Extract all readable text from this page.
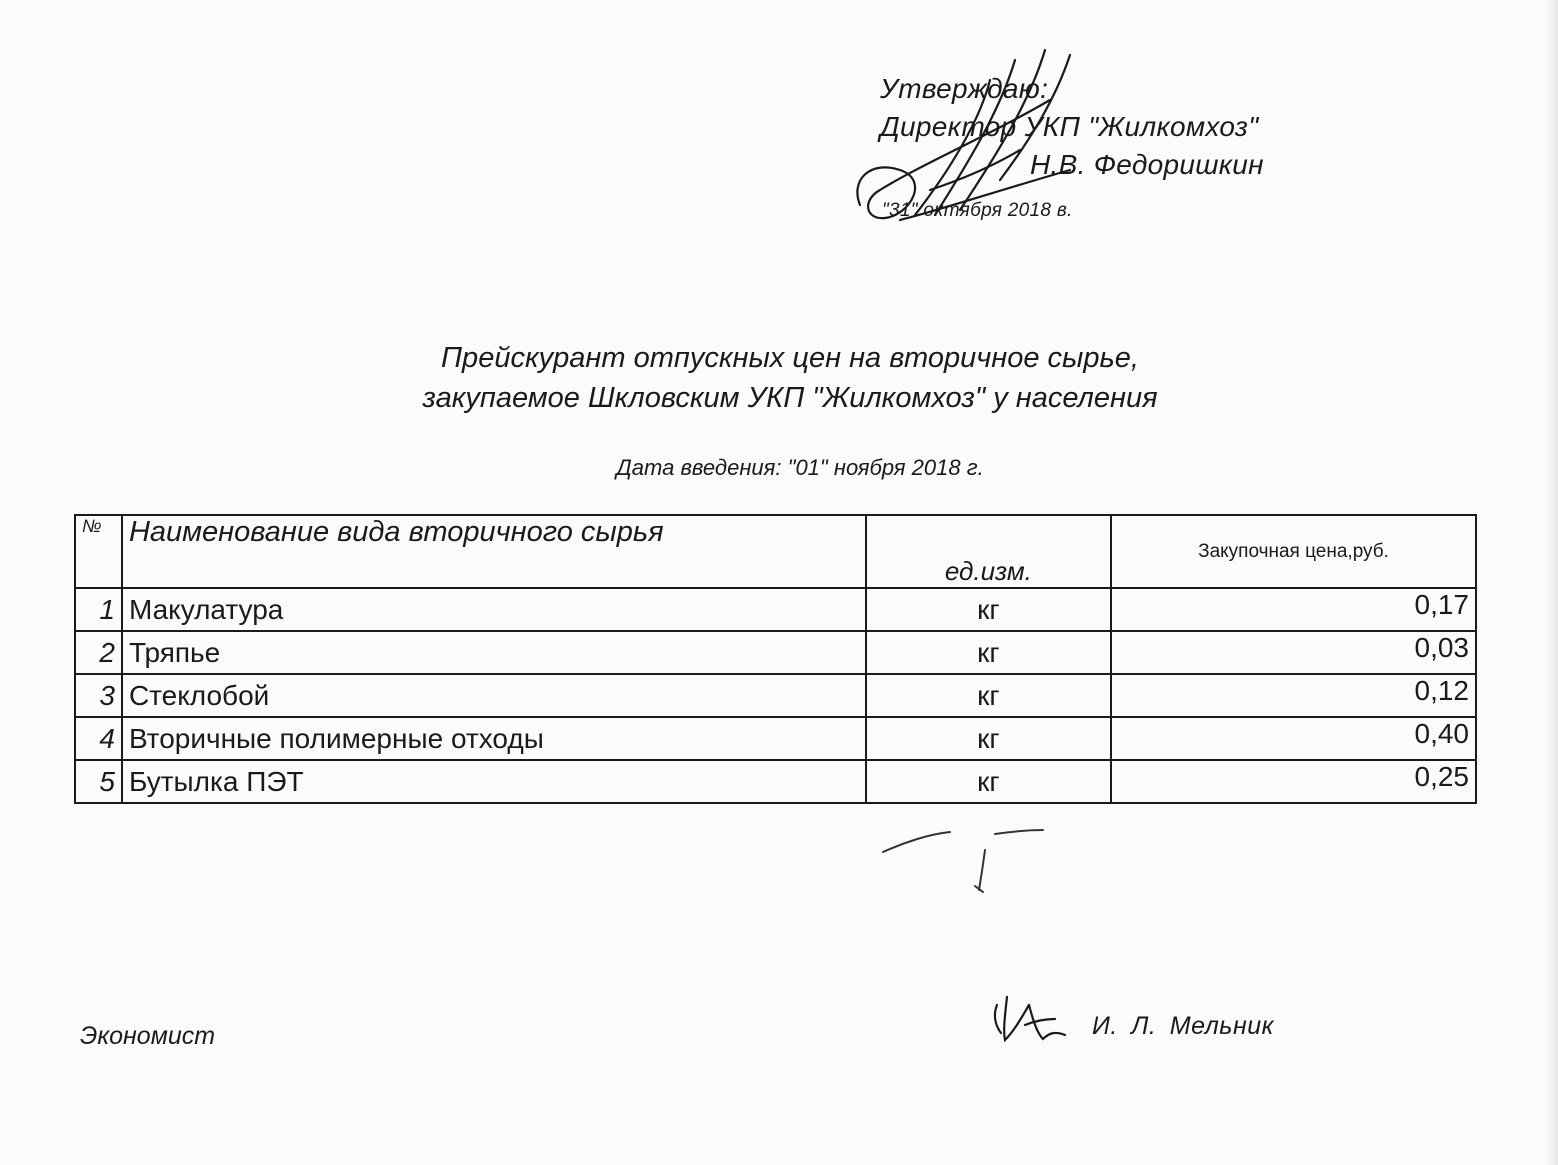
Утверждаю:
Директор УКП "Жилкомхоз"
Н.В. Федоришкин
"31" октября 2018 в.
Прейскурант отпускных цен на вторичное сырье,
закупаемое Шкловским УКП "Жилкомхоз" у населения
Дата введения: "01" ноября 2018 г.
№	Наименование вида вторичного сырья	ед.изм.	Закупочная цена,руб.
1	Макулатура	кг	0,17
2	Тряпье	кг	0,03
3	Стеклобой	кг	0,12
4	Вторичные полимерные отходы	кг	0,40
5	Бутылка ПЭТ	кг	0,25
Экономист	И. Л. Мельник
